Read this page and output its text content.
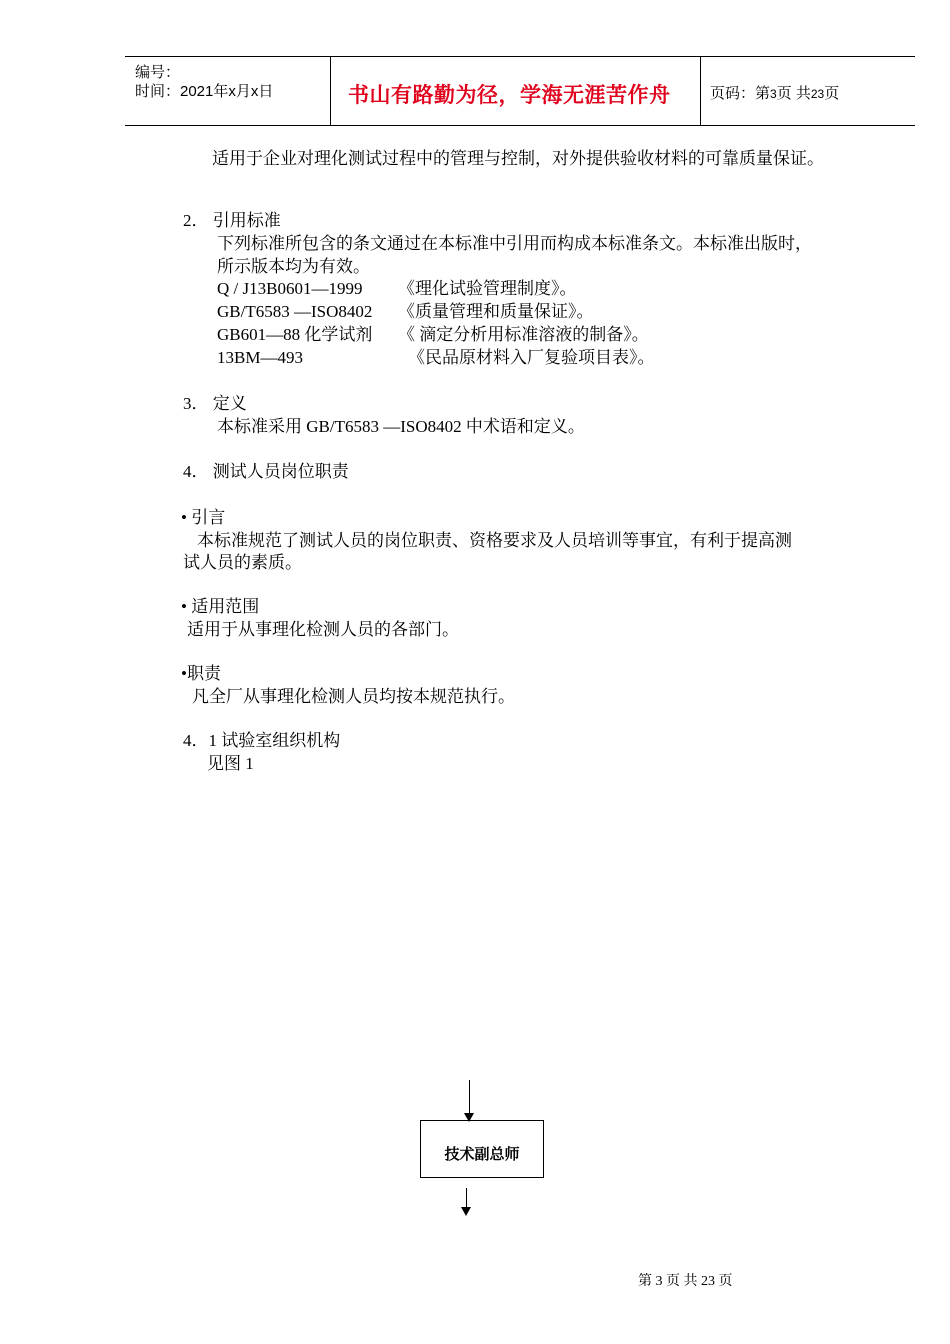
编号：
时间：2021年x月x日	书山有路勤为径，学海无涯苦作舟	页码：第3页 共23页
适用于企业对理化测试过程中的管理与控制，对外提供验收材料的可靠质量保证。
2． 引用标准
下列标准所包含的条文通过在本标准中引用而构成本标准条文。本标准出版时，
所示版本均为有效。
Q / J13B0601—1999 《理化试验管理制度》。
GB/T6583 —ISO8402 《质量管理和质量保证》。
GB601—88 化学试剂 《 滴定分析用标准溶液的制备》。
13BM—493	《民品原材料入厂复验项目表》。
3． 定义
本标准采用 GB/T6583 —ISO8402 中术语和定义。
4． 测试人员岗位职责
• 引言
本标准规范了测试人员的岗位职责、资格要求及人员培训等事宜，有利于提高测
试人员的素质。
• 适用范围
适用于从事理化检测人员的各部门。
•职责
凡全厂从事理化检测人员均按本规范执行。
4．1 试验室组织机构
见图 1
技术副总师
第 3 页 共 23 页
